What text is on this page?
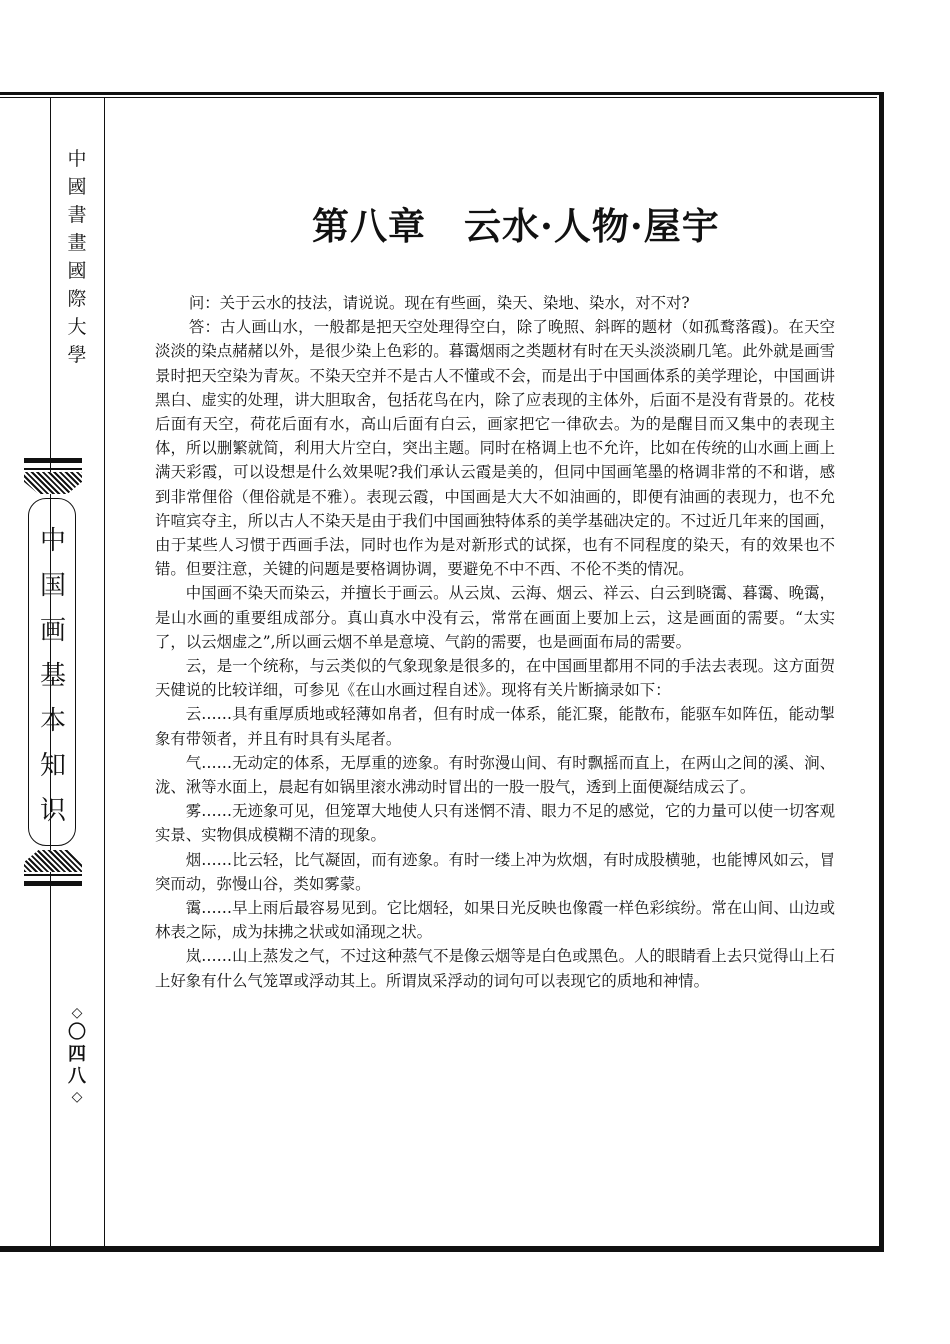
中
國
書
畫
國
際
大
學
中
国
画
基
本
知
识
◇
〇
四
八
◇
第八章 云水·人物·屋宇

问：关于云水的技法，请说说。现在有些画，染天、染地、染水，对不对?

答：古人画山水，一般都是把天空处理得空白，除了晚照、斜晖的题材（如孤鹜落霞)。在天空淡淡的染点赭赭以外，是很少染上色彩的。暮霭烟雨之类题材有时在天头淡淡刷几笔。此外就是画雪景时把天空染为青灰。不染天空并不是古人不懂或不会，而是出于中国画体系的美学理论，中国画讲黑白、虚实的处理，讲大胆取舍，包括花鸟在内，除了应表现的主体外，后面不是没有背景的。花枝后面有天空，荷花后面有水，高山后面有白云，画家把它一律砍去。为的是醒目而又集中的表现主体，所以删繁就简，利用大片空白，突出主题。同时在格调上也不允许，比如在传统的山水画上画上满天彩霞，可以设想是什么效果呢?我们承认云霞是美的，但同中国画笔墨的格调非常的不和谐，感到非常俚俗（俚俗就是不雅）。表现云霞，中国画是大大不如油画的，即便有油画的表现力，也不允许喧宾夺主，所以古人不染天是由于我们中国画独特体系的美学基础决定的。不过近几年来的国画，由于某些人习惯于西画手法，同时也作为是对新形式的试探，也有不同程度的染天，有的效果也不错。但要注意，关键的问题是要格调协调，要避免不中不西、不伦不类的情况。

中国画不染天而染云，并擅长于画云。从云岚、云海、烟云、祥云、白云到晓霭、暮霭、晚霭，是山水画的重要组成部分。真山真水中没有云，常常在画面上要加上云，这是画面的需要。“太实了，以云烟虚之”,所以画云烟不单是意境、气韵的需要，也是画面布局的需要。

云，是一个统称，与云类似的气象现象是很多的，在中国画里都用不同的手法去表现。这方面贺天健说的比较详细，可参见《在山水画过程自述》。现将有关片断摘录如下：

云……具有重厚质地或轻薄如帛者，但有时成一体系，能汇聚，能散布，能驱车如阵伍，能动掣象有带领者，并且有时具有头尾者。

气……无动定的体系，无厚重的迹象。有时弥漫山间、有时飘摇而直上，在两山之间的溪、涧、泷、湫等水面上，晨起有如锅里滚水沸动时冒出的一股一股气，透到上面便凝结成云了。

雾……无迹象可见，但笼罩大地使人只有迷惘不清、眼力不足的感觉，它的力量可以使一切客观实景、实物俱成模糊不清的现象。

烟……比云轻，比气凝固，而有迹象。有时一缕上冲为炊烟，有时成股横驰，也能博风如云，冒突而动，弥慢山谷，类如雾蒙。

霭……早上雨后最容易见到。它比烟轻，如果日光反映也像霞一样色彩缤纷。常在山间、山边或林表之际，成为抹拂之状或如涌现之状。

岚……山上蒸发之气，不过这种蒸气不是像云烟等是白色或黑色。人的眼睛看上去只觉得山上石上好象有什么气笼罩或浮动其上。所谓岚采浮动的词句可以表现它的质地和神情。
